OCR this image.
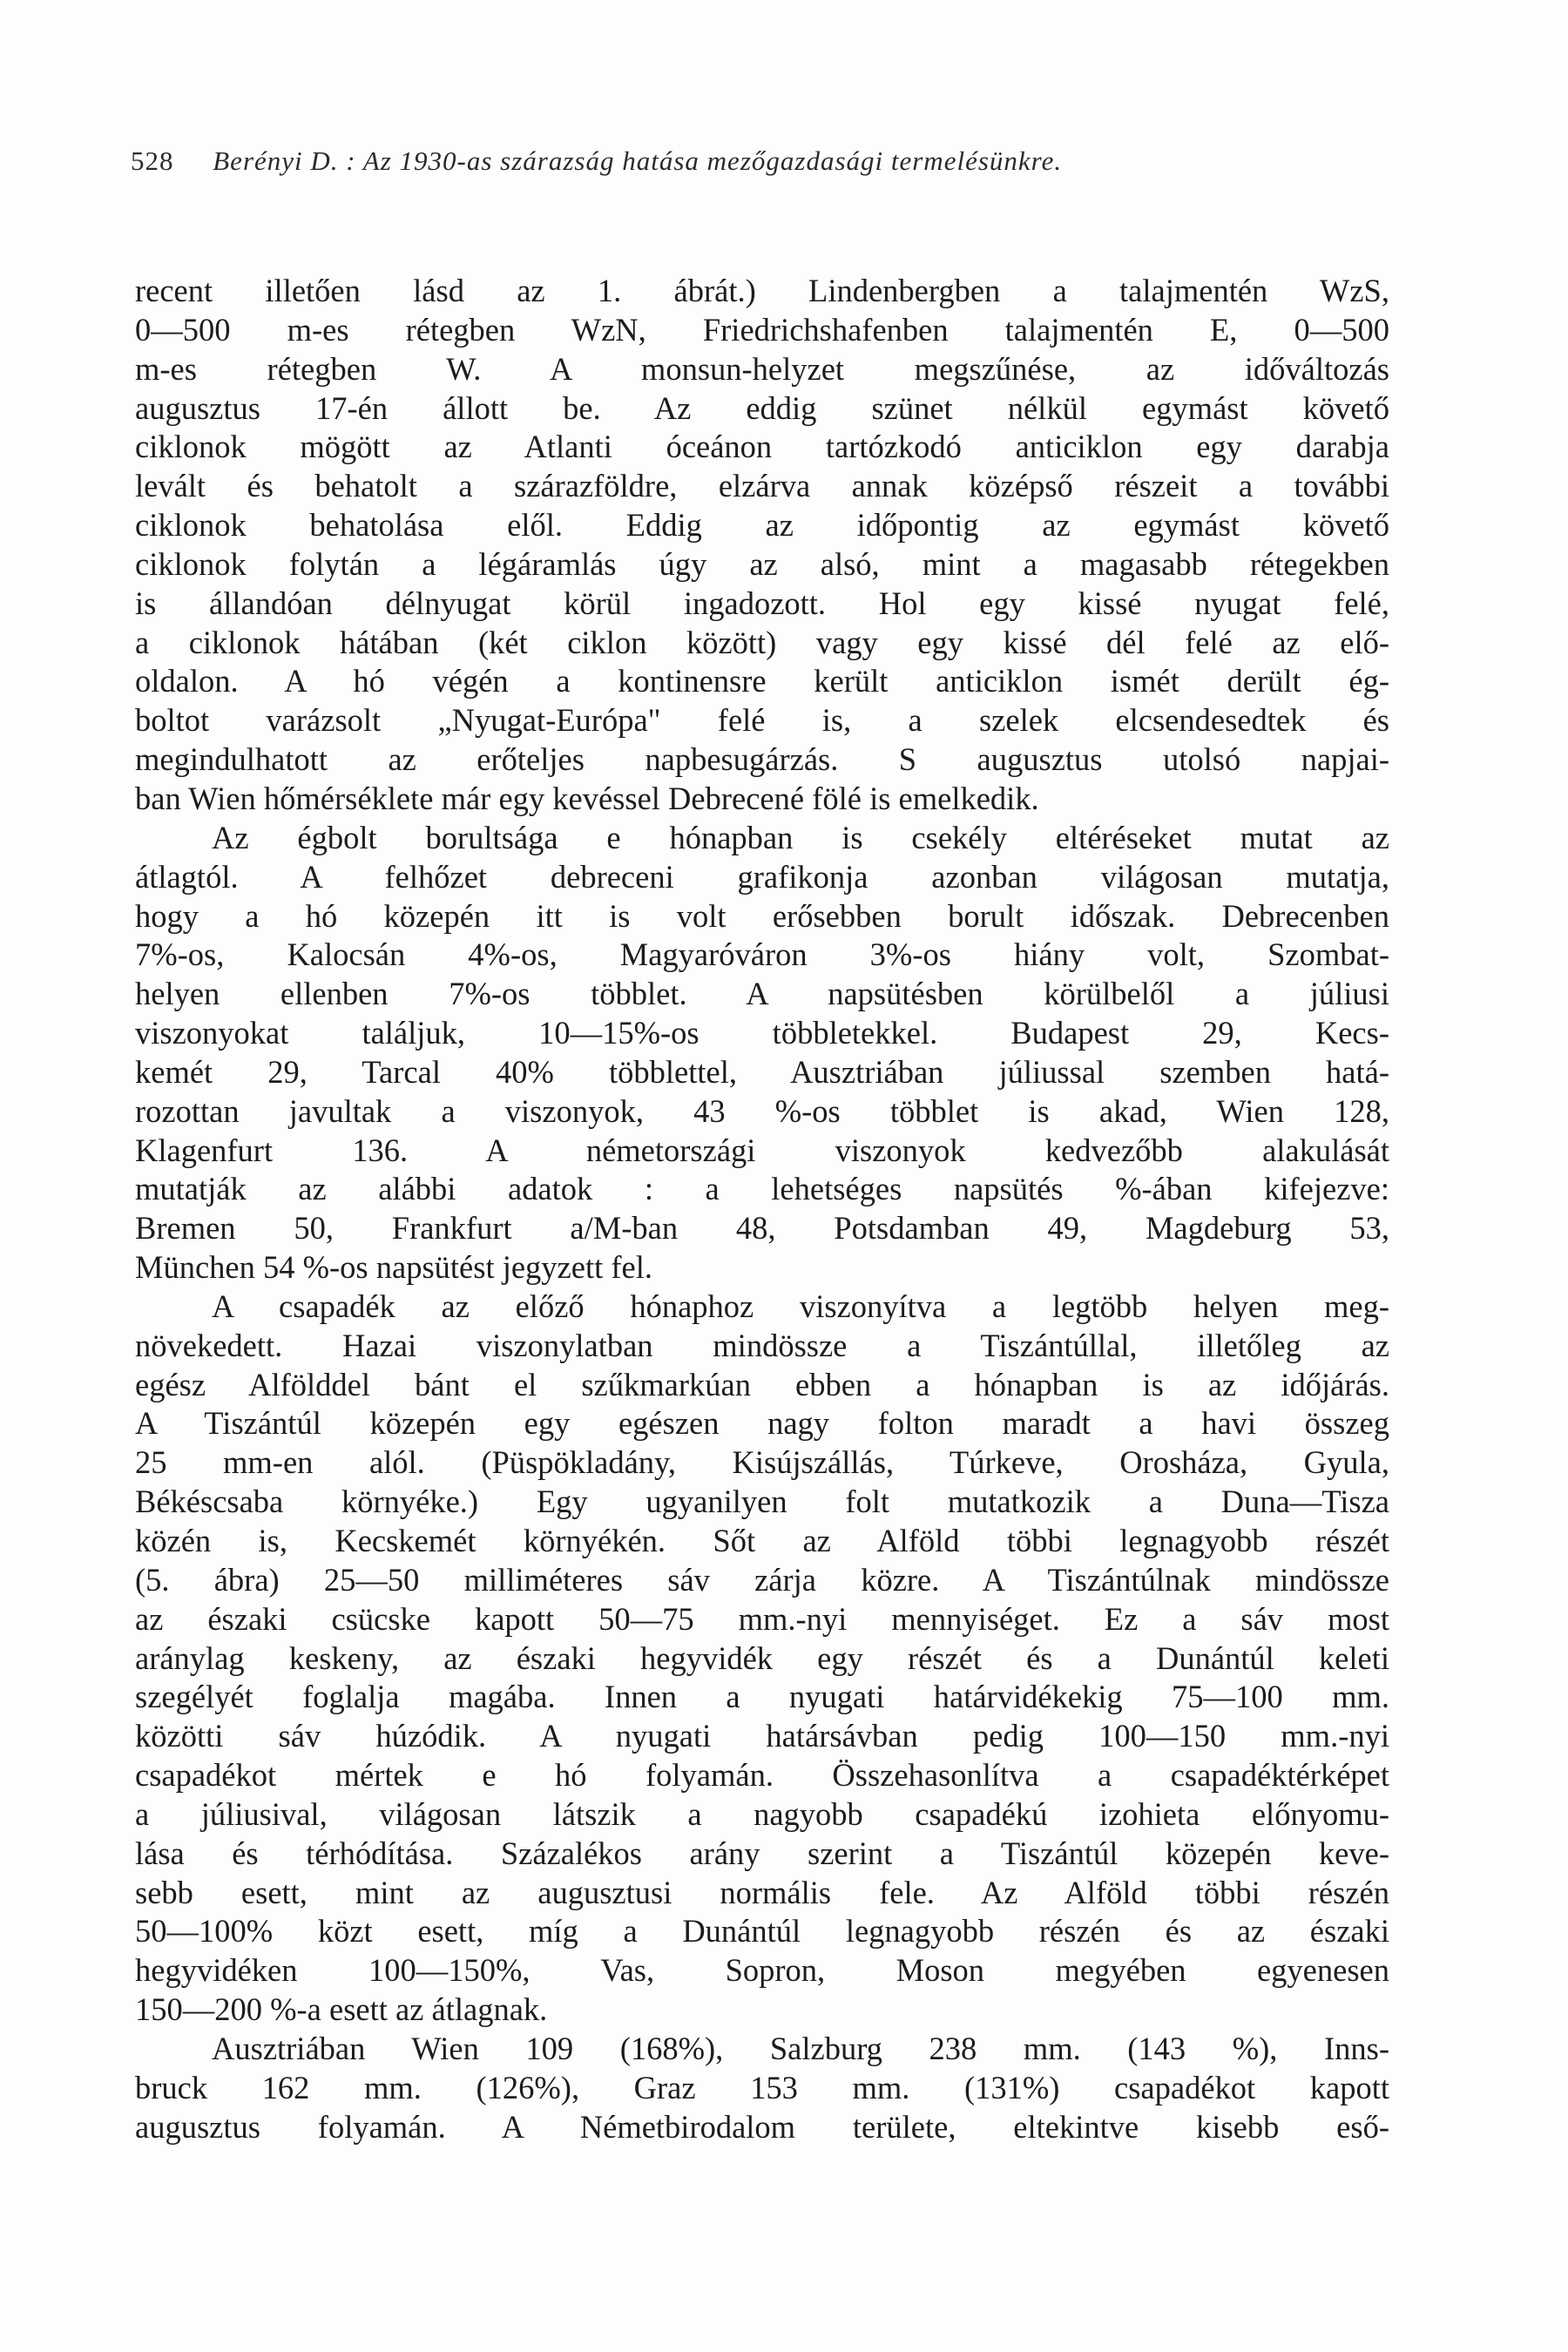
528 Berényi D. : Az 1930-as szárazság hatása mezőgazdasági termelésünkre.
recent illetően lásd az 1. ábrát.) Lindenbergben a talajmentén WzS,
0—500 m-es rétegben WzN, Friedrichshafenben talajmentén E, 0—500
m-es rétegben W. A monsun-helyzet megszűnése, az időváltozás
augusztus 17-én állott be. Az eddig szünet nélkül egymást követő
ciklonok mögött az Atlanti óceánon tartózkodó anticiklon egy darabja
levált és behatolt a szárazföldre, elzárva annak középső részeit a további
ciklonok behatolása elől. Eddig az időpontig az egymást követő
ciklonok folytán a légáramlás úgy az alsó, mint a magasabb rétegekben
is állandóan délnyugat körül ingadozott. Hol egy kissé nyugat felé,
a ciklonok hátában (két ciklon között) vagy egy kissé dél felé az elő-
oldalon. A hó végén a kontinensre került anticiklon ismét derült ég-
boltot varázsolt „Nyugat-Európa" felé is, a szelek elcsendesedtek és
megindulhatott az erőteljes napbesugárzás. S augusztus utolsó napjai-
ban Wien hőmérséklete már egy kevéssel Debrecené fölé is emelkedik.
Az égbolt borultsága e hónapban is csekély eltéréseket mutat az
átlagtól. A felhőzet debreceni grafikonja azonban világosan mutatja,
hogy a hó közepén itt is volt erősebben borult időszak. Debrecenben
7%-os, Kalocsán 4%-os, Magyaróváron 3%-os hiány volt, Szombat-
helyen ellenben 7%-os többlet. A napsütésben körülbelől a júliusi
viszonyokat találjuk, 10—15%-os többletekkel. Budapest 29, Kecs-
kemét 29, Tarcal 40% többlettel, Ausztriában júliussal szemben hatá-
rozottan javultak a viszonyok, 43 %-os többlet is akad, Wien 128,
Klagenfurt 136. A németországi viszonyok kedvezőbb alakulását
mutatják az alábbi adatok : a lehetséges napsütés %-ában kifejezve:
Bremen 50, Frankfurt a/M-ban 48, Potsdamban 49, Magdeburg 53,
München 54 %-os napsütést jegyzett fel.
A csapadék az előző hónaphoz viszonyítva a legtöbb helyen meg-
növekedett. Hazai viszonylatban mindössze a Tiszántúllal, illetőleg az
egész Alfölddel bánt el szűkmarkúan ebben a hónapban is az időjárás.
A Tiszántúl közepén egy egészen nagy folton maradt a havi összeg
25 mm-en alól. (Püspökladány, Kisújszállás, Túrkeve, Orosháza, Gyula,
Békéscsaba környéke.) Egy ugyanilyen folt mutatkozik a Duna—Tisza
közén is, Kecskemét környékén. Sőt az Alföld többi legnagyobb részét
(5. ábra) 25—50 milliméteres sáv zárja közre. A Tiszántúlnak mindössze
az északi csücske kapott 50—75 mm.-nyi mennyiséget. Ez a sáv most
aránylag keskeny, az északi hegyvidék egy részét és a Dunántúl keleti
szegélyét foglalja magába. Innen a nyugati határvidékekig 75—100 mm.
közötti sáv húzódik. A nyugati határsávban pedig 100—150 mm.-nyi
csapadékot mértek e hó folyamán. Összehasonlítva a csapadéktérképet
a júliusival, világosan látszik a nagyobb csapadékú izohieta előnyomu-
lása és térhódítása. Százalékos arány szerint a Tiszántúl közepén keve-
sebb esett, mint az augusztusi normális fele. Az Alföld többi részén
50—100% közt esett, míg a Dunántúl legnagyobb részén és az északi
hegyvidéken 100—150%, Vas, Sopron, Moson megyében egyenesen
150—200 %-a esett az átlagnak.
Ausztriában Wien 109 (168%), Salzburg 238 mm. (143 %), Inns-
bruck 162 mm. (126%), Graz 153 mm. (131%) csapadékot kapott
augusztus folyamán. A Németbirodalom területe, eltekintve kisebb eső-
